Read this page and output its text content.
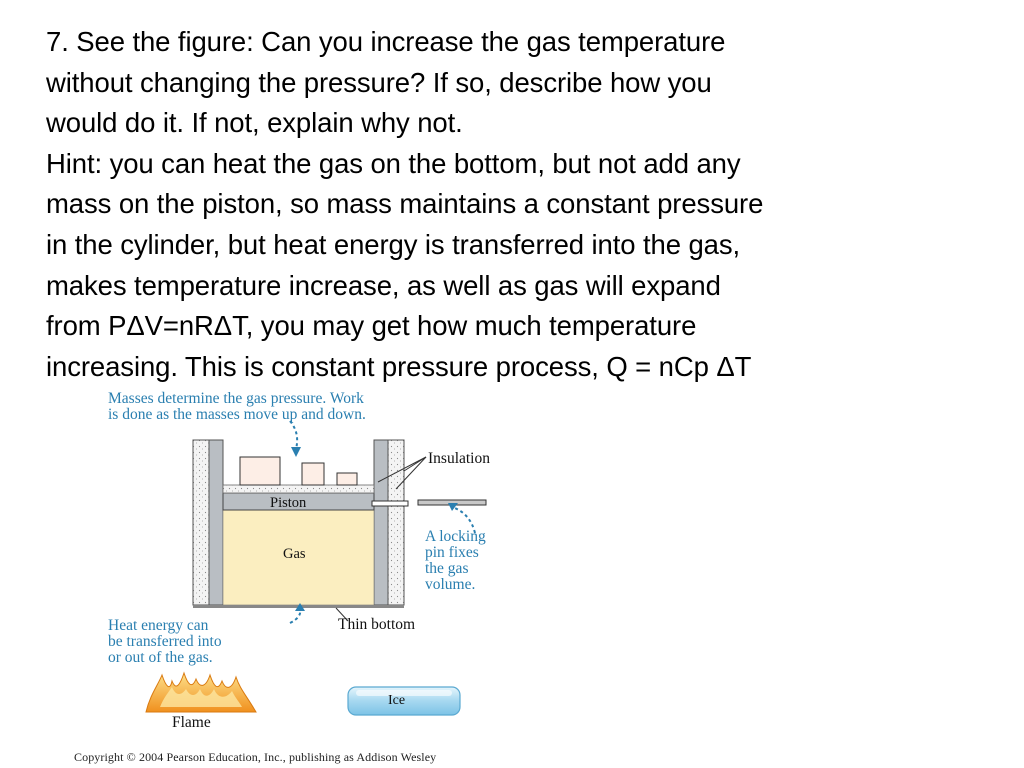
7. See the figure: Can you increase the gas temperature
without changing the pressure? If so, describe how you
would do it. If not, explain why not.
Hint: you can heat the gas on the bottom, but not add any
mass on the piston, so mass maintains a constant pressure
in the cylinder, but heat energy is transferred into the gas,
makes temperature increase, as well as gas will expand
from PΔV=nRΔT, you may get how much temperature
increasing. This is constant pressure process, Q = nCp ΔT
Masses determine the gas pressure. Work
is done as the masses move up and down.
Insulation
Piston
Gas
A locking
pin fixes
the gas
volume.
Heat energy can
be transferred into
or out of the gas.
Thin bottom
Flame
Ice
Copyright © 2004 Pearson Education, Inc., publishing as Addison Wesley
